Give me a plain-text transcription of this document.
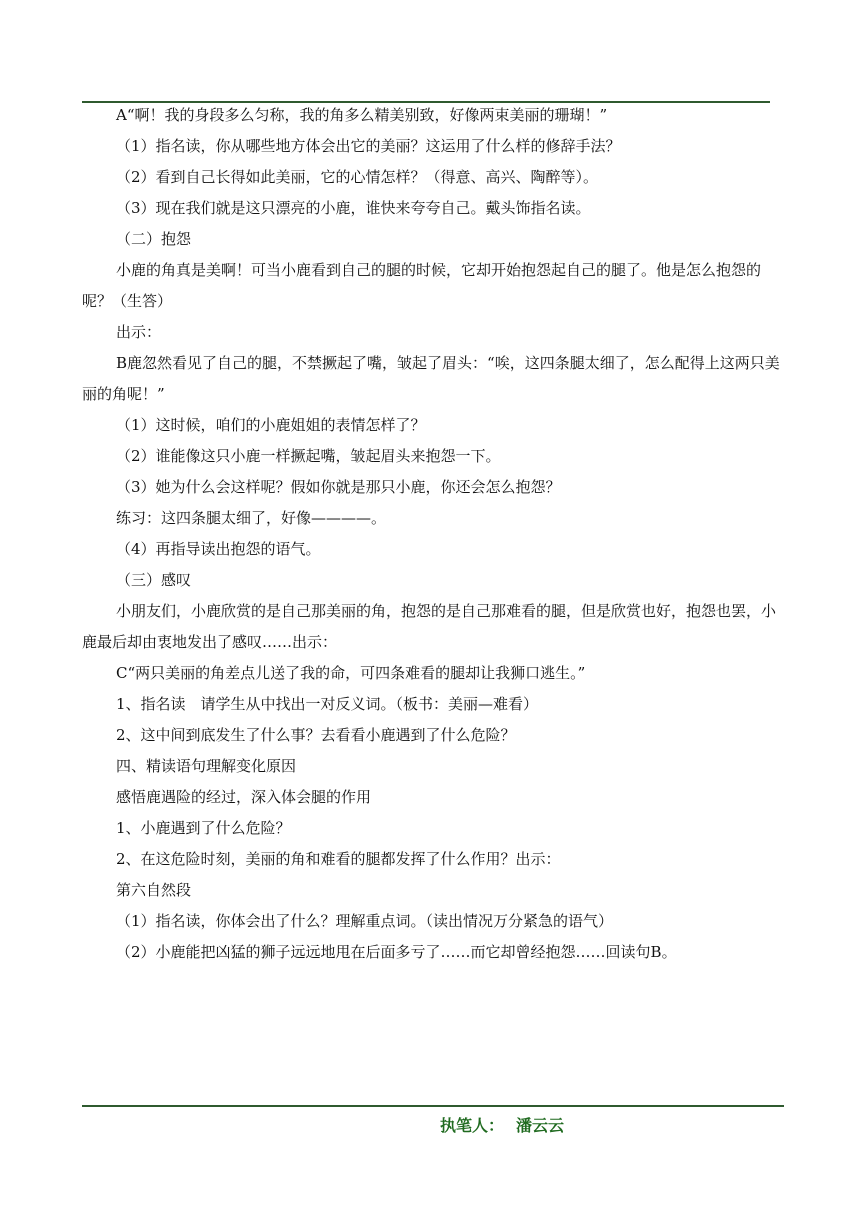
A“啊！我的身段多么匀称，我的角多么精美别致，好像两束美丽的珊瑚！”

（1）指名读，你从哪些地方体会出它的美丽？这运用了什么样的修辞手法？

（2）看到自己长得如此美丽，它的心情怎样？（得意、高兴、陶醉等）。

（3）现在我们就是这只漂亮的小鹿，谁快来夸夸自己。戴头饰指名读。

（二）抱怨

小鹿的角真是美啊！可当小鹿看到自己的腿的时候，它却开始抱怨起自己的腿了。他是怎么抱怨的呢？（生答）

出示：

B鹿忽然看见了自己的腿，不禁撅起了嘴，皱起了眉头：“唉，这四条腿太细了，怎么配得上这两只美丽的角呢！”

（1）这时候，咱们的小鹿姐姐的表情怎样了？

（2）谁能像这只小鹿一样撅起嘴，皱起眉头来抱怨一下。

（3）她为什么会这样呢？假如你就是那只小鹿，你还会怎么抱怨？

练习：这四条腿太细了，好像————。

（4）再指导读出抱怨的语气。

（三）感叹

小朋友们，小鹿欣赏的是自己那美丽的角，抱怨的是自己那难看的腿，但是欣赏也好，抱怨也罢，小鹿最后却由衷地发出了感叹……出示：

C“两只美丽的角差点儿送了我的命，可四条难看的腿却让我狮口逃生。”

1、指名读　请学生从中找出一对反义词。（板书：美丽—难看）

2、这中间到底发生了什么事？去看看小鹿遇到了什么危险？

四、精读语句理解变化原因

感悟鹿遇险的经过，深入体会腿的作用

1、小鹿遇到了什么危险？

2、在这危险时刻，美丽的角和难看的腿都发挥了什么作用？出示：

第六自然段

（1）指名读，你体会出了什么？理解重点词。（读出情况万分紧急的语气）

（2）小鹿能把凶猛的狮子远远地甩在后面多亏了……而它却曾经抱怨……回读句B。

执笔人： 潘云云
